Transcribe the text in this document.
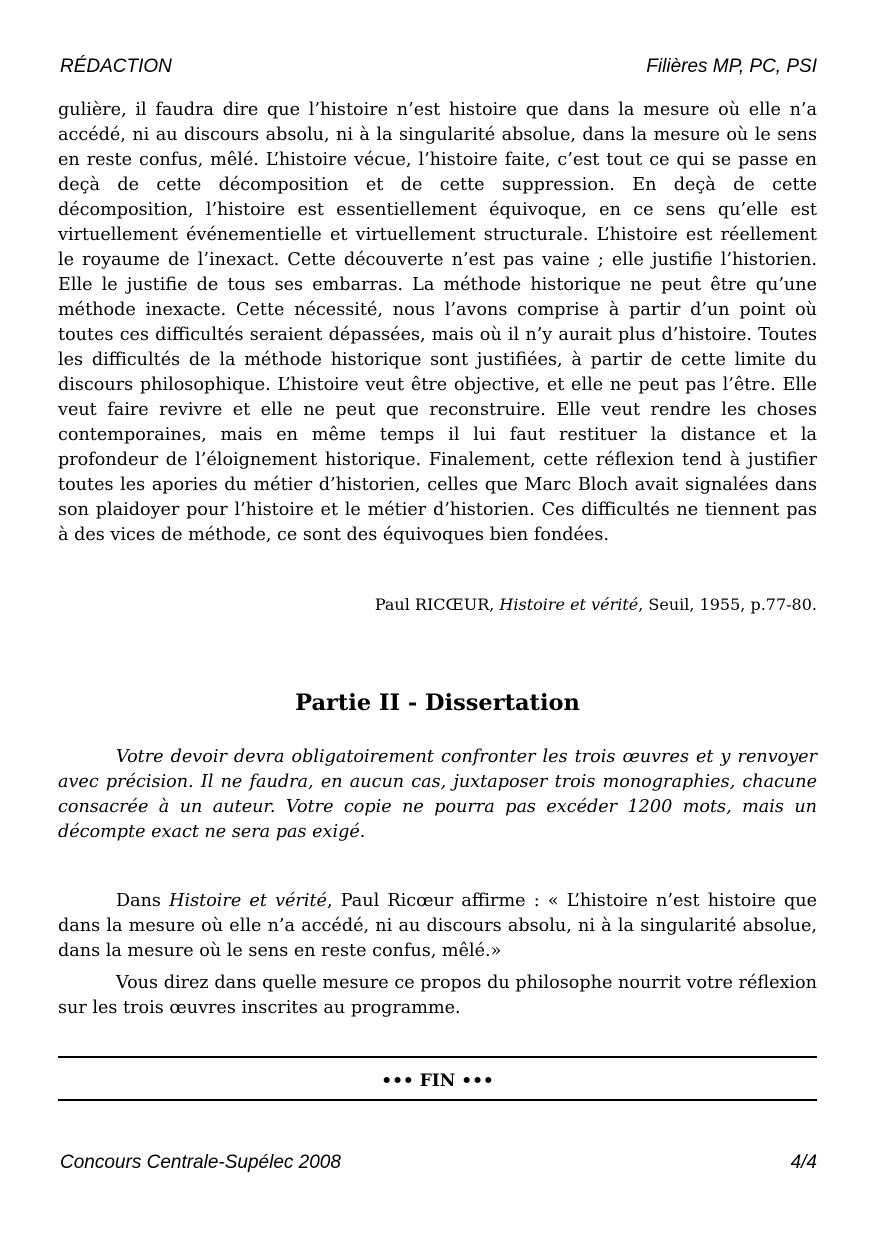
RÉDACTION	Filières MP, PC, PSI
gulière, il faudra dire que l’histoire n’est histoire que dans la mesure où elle n’a accédé, ni au discours absolu, ni à la singularité absolue, dans la mesure où le sens en reste confus, mêlé. L’histoire vécue, l’histoire faite, c’est tout ce qui se passe en deçà de cette décomposition et de cette suppression. En deçà de cette décomposition, l’histoire est essentiellement équivoque, en ce sens qu’elle est virtuellement événementielle et virtuellement structurale. L’histoire est réellement le royaume de l’inexact. Cette découverte n’est pas vaine ; elle justifie l’historien. Elle le justifie de tous ses embarras. La méthode historique ne peut être qu’une méthode inexacte. Cette nécessité, nous l’avons comprise à partir d’un point où toutes ces difficultés seraient dépassées, mais où il n’y aurait plus d’histoire. Toutes les difficultés de la méthode historique sont justifiées, à partir de cette limite du discours philosophique. L’histoire veut être objective, et elle ne peut pas l’être. Elle veut faire revivre et elle ne peut que reconstruire. Elle veut rendre les choses contemporaines, mais en même temps il lui faut restituer la distance et la profondeur de l’éloignement historique. Finalement, cette réflexion tend à justifier toutes les apories du métier d’historien, celles que Marc Bloch avait signalées dans son plaidoyer pour l’histoire et le métier d’historien. Ces difficultés ne tiennent pas à des vices de méthode, ce sont des équivoques bien fondées.
Paul RICŒUR, Histoire et vérité, Seuil, 1955, p.77-80.
Partie II - Dissertation
Votre devoir devra obligatoirement confronter les trois œuvres et y renvoyer avec précision. Il ne faudra, en aucun cas, juxtaposer trois monographies, chacune consacrée à un auteur. Votre copie ne pourra pas excéder 1200 mots, mais un décompte exact ne sera pas exigé.

Dans Histoire et vérité, Paul Ricœur affirme : « L’histoire n’est histoire que dans la mesure où elle n’a accédé, ni au discours absolu, ni à la singularité absolue, dans la mesure où le sens en reste confus, mêlé.»

Vous direz dans quelle mesure ce propos du philosophe nourrit votre réflexion sur les trois œuvres inscrites au programme.

••• FIN •••
Concours Centrale-Supélec 2008	4/4
